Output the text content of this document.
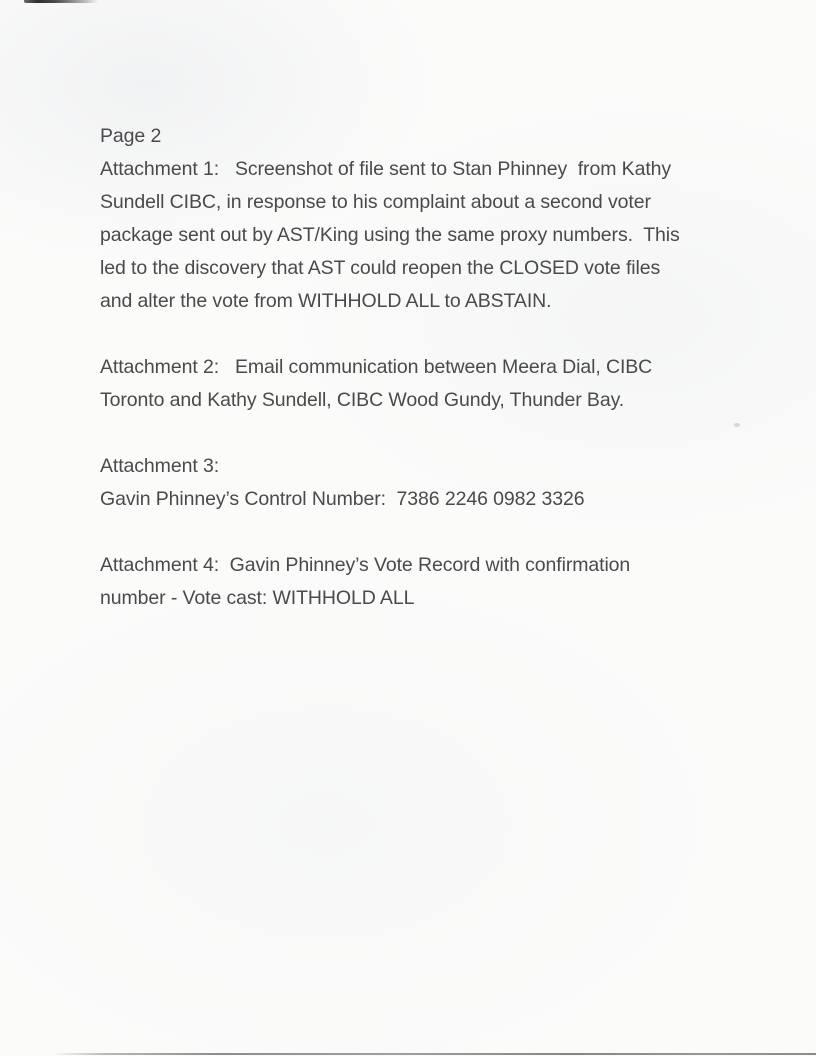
Page 2
Attachment 1:   Screenshot of file sent to Stan Phinney  from Kathy
Sundell CIBC, in response to his complaint about a second voter
package sent out by AST/King using the same proxy numbers.  This
led to the discovery that AST could reopen the CLOSED vote files
and alter the vote from WITHHOLD ALL to ABSTAIN.
Attachment 2:   Email communication between Meera Dial, CIBC
Toronto and Kathy Sundell, CIBC Wood Gundy, Thunder Bay.
Attachment 3:
Gavin Phinney’s Control Number:  7386 2246 0982 3326
Attachment 4:  Gavin Phinney’s Vote Record with confirmation
number - Vote cast: WITHHOLD ALL
